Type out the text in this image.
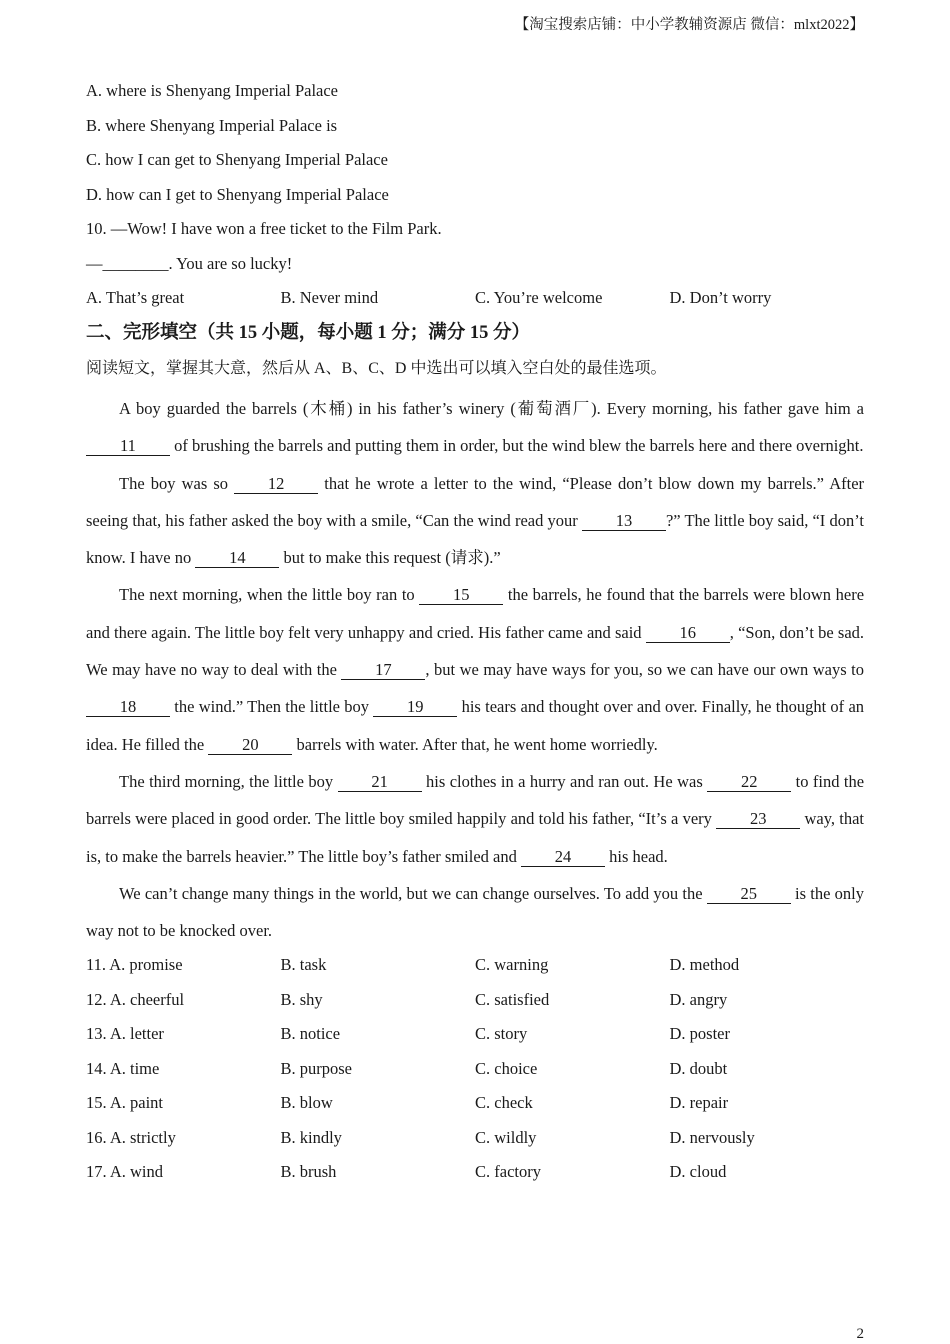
【淘宝搜索店铺：中小学教辅资源店 微信：mlxt2022】
A. where is Shenyang Imperial Palace
B. where Shenyang Imperial Palace is
C. how I can get to Shenyang Imperial Palace
D. how can I get to Shenyang Imperial Palace
10. —Wow! I have won a free ticket to the Film Park.
—________. You are so lucky!
A. That’s great	B. Never mind	C. You’re welcome	D. Don’t worry
二、完形填空（共 15 小题，每小题 1 分；满分 15 分）
阅读短文，掌握其大意，然后从 A、B、C、D 中选出可以填入空白处的最佳选项。

A boy guarded the barrels (木桶) in his father’s winery (葡萄酒厂). Every morning, his father gave him a 11 of brushing the barrels and putting them in order, but the wind blew the barrels here and there overnight.

The boy was so 12 that he wrote a letter to the wind, “Please don’t blow down my barrels.” After seeing that, his father asked the boy with a smile, “Can the wind read your 13 ?” The little boy said, “I don’t know. I have no 14 but to make this request (请求).”

The next morning, when the little boy ran to 15 the barrels, he found that the barrels were blown here and there again. The little boy felt very unhappy and cried. His father came and said 16 , “Son, don’t be sad. We may have no way to deal with the 17 , but we may have ways for you, so we can have our own ways to 18 the wind.” Then the little boy 19 his tears and thought over and over. Finally, he thought of an idea. He filled the 20 barrels with water. After that, he went home worriedly.

The third morning, the little boy 21 his clothes in a hurry and ran out. He was 22 to find the barrels were placed in good order. The little boy smiled happily and told his father, “It’s a very 23 way, that is, to make the barrels heavier.” The little boy’s father smiled and 24 his head.

We can’t change many things in the world, but we can change ourselves. To add you the 25 is the only way not to be knocked over.

11. A. promise	B. task	C. warning	D. method
12. A. cheerful	B. shy	C. satisfied	D. angry
13. A. letter	B. notice	C. story	D. poster
14. A. time	B. purpose	C. choice	D. doubt
15. A. paint	B. blow	C. check	D. repair
16. A. strictly	B. kindly	C. wildly	D. nervously
17. A. wind	B. brush	C. factory	D. cloud
2
